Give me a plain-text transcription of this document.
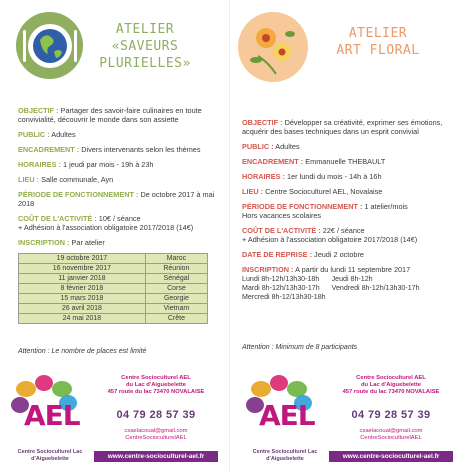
ATELIER
«SAVEURS
PLURIELLES»
OBJECTIF : Partager des savoir-faire culinaires en toute convivialité, découvrir le monde dans son assiette
PUBLIC : Adultes
ENCADREMENT : Divers intervenants selon les thèmes
HORAIRES : 1 jeudi par mois - 19h à 23h
LIEU : Salle communale, Ayn
PÉRIODE DE FONCTIONNEMENT : De octobre 2017 à mai 2018
COÛT DE L'ACTIVITÉ : 10€ / séance
+ Adhésion à l'association obligatoire 2017/2018 (14€)
INSCRIPTION : Par atelier
19 octobre 2017	Maroc
16 novembre 2017	Réunion
11 janvier 2018	Sénégal
8 février 2018	Corse
15 mars 2018	Georgie
26 avril 2018	Vietnam
24 mai 2018	Crête
Attention : Le nombre de places est limité
AEL
Centre Socioculturel Lac d'Aiguebelette
Centre Socioculturel AEL
du Lac d'Aiguebelette
457 route du lac 73470 NOVALAISE
04 79 28 57 39
csaelacoual@gmail.com
CentreSocioculturelAEL
www.centre-socioculturel-ael.fr
ATELIER
ART FLORAL
OBJECTIF : Développer sa créativité, exprimer ses émotions, acquérir des bases techniques dans un esprit convivial
PUBLIC : Adultes
ENCADREMENT : Emmanuelle THEBAULT
HORAIRES : 1er lundi du mois - 14h à 16h
LIEU : Centre Socioculturel AEL, Novalaise
PÉRIODE DE FONCTIONNEMENT : 1 atelier/mois
Hors vacances scolaires
COÛT DE L'ACTIVITÉ : 22€ / séance
+ Adhésion à l'association obligatoire 2017/2018 (14€)
DATE DE REPRISE : Jeudi 2 octobre
INSCRIPTION : A partir du lundi 11 septembre 2017
Lundi 8h-12h/13h30-18h	Jeudi 8h-12h
Mardi 8h-12h/13h30-17h	Vendredi 8h-12h/13h30-17h
Mercredi 8h-12/13h30-18h	
Attention : Minimum de 8 participants
AEL
Centre Socioculturel Lac d'Aiguebelette
Centre Socioculturel AEL
du Lac d'Aiguebelette
457 route du lac 73470 NOVALAISE
04 79 28 57 39
csaelacoual@gmail.com
CentreSocioculturelAEL
www.centre-socioculturel-ael.fr
